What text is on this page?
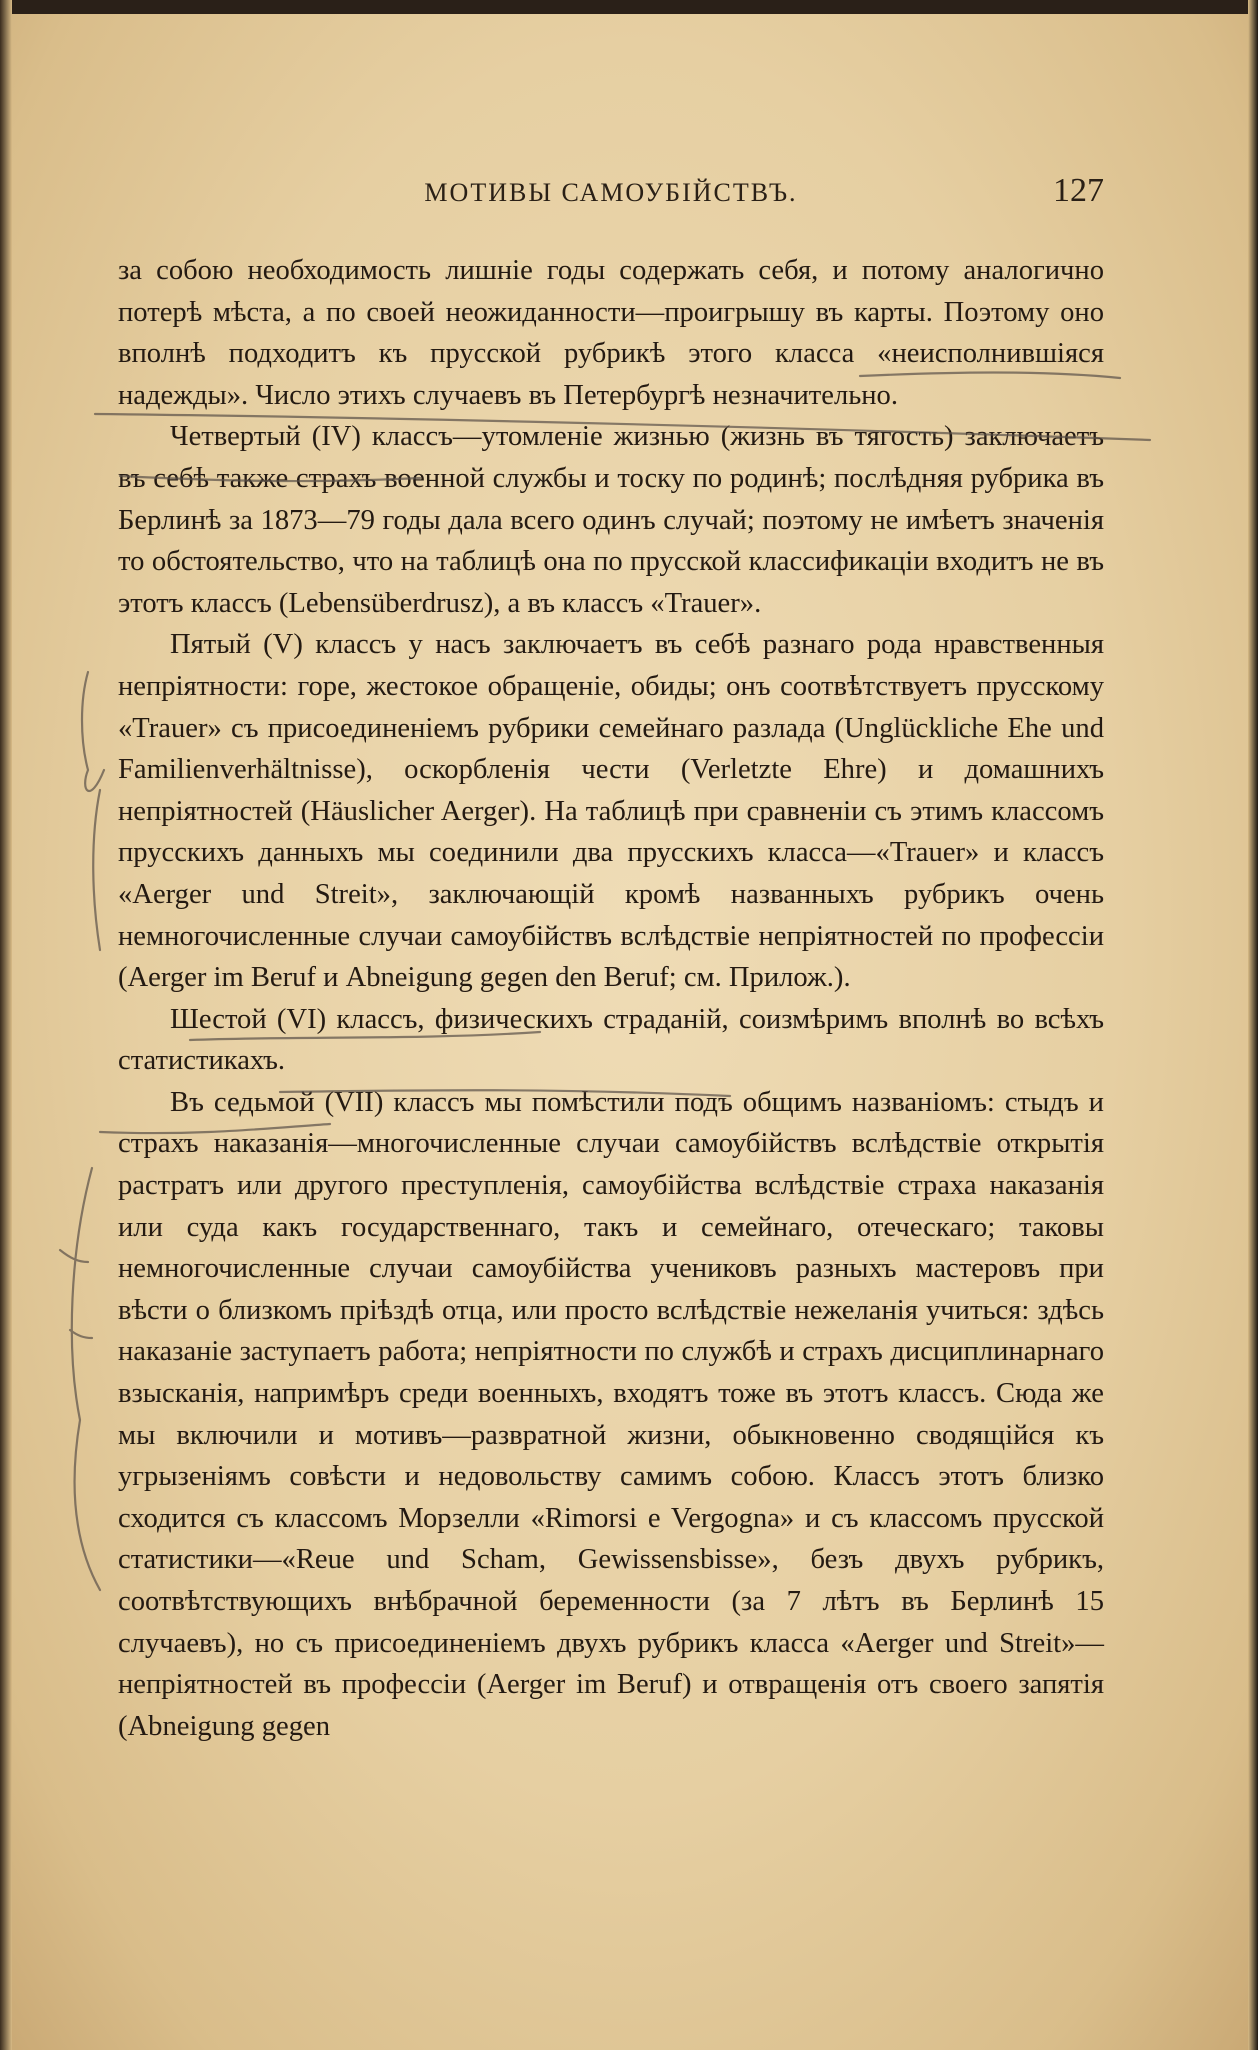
МОТИВЫ САМОУБІЙСТВЪ.	127

за собою необходимость лишніе годы содержать себя, и потому аналогично потерѣ мѣста, а по своей неожиданности—проигрышу въ карты. Поэтому оно вполнѣ подходитъ къ прусской рубрикѣ этого класса «неисполнившіяся надежды». Число этихъ случаевъ въ Петербургѣ незначительно.

Четвертый (IV) классъ—утомленіе жизнью (жизнь въ тягость) заключаетъ въ себѣ также страхъ военной службы и тоску по родинѣ; послѣдняя рубрика въ Берлинѣ за 1873—79 годы дала всего одинъ случай; поэтому не имѣетъ значенія то обстоятельство, что на таблицѣ она по прусской классификаціи входитъ не въ этотъ классъ (Lebensüberdrusz), а въ классъ «Trauer».

Пятый (V) классъ у насъ заключаетъ въ себѣ разнаго рода нравственныя непріятности: горе, жестокое обращеніе, обиды; онъ соотвѣтствуетъ прусскому «Trauer» съ присоединеніемъ рубрики семейнаго разлада (Unglückliche Ehe und Familienverhältnisse), оскорбленія чести (Verletzte Ehre) и домашнихъ непріятностей (Häuslicher Aerger). На таблицѣ при сравненіи съ этимъ классомъ прусскихъ данныхъ мы соединили два прусскихъ класса—«Trauer» и классъ «Aerger und Streit», заключающій кромѣ названныхъ рубрикъ очень немногочисленные случаи самоубійствъ вслѣдствіе непріятностей по профессіи (Aerger im Beruf и Abneigung gegen den Beruf; см. Прилож.).

Шестой (VI) классъ, физическихъ страданій, соизмѣримъ вполнѣ во всѣхъ статистикахъ.

Въ седьмой (VII) классъ мы помѣстили подъ общимъ названіомъ: стыдъ и страхъ наказанія—многочисленные случаи самоубійствъ вслѣдствіе открытія растратъ или другого преступленія, самоубійства вслѣдствіе страха наказанія или суда какъ государственнаго, такъ и семейнаго, отеческаго; таковы немногочисленные случаи самоубійства учениковъ разныхъ мастеровъ при вѣсти о близкомъ пріѣздѣ отца, или просто вслѣдствіе нежеланія учиться: здѣсь наказаніе заступаетъ работа; непріятности по службѣ и страхъ дисциплинарнаго взысканія, напримѣръ среди военныхъ, входятъ тоже въ этотъ классъ. Сюда же мы включили и мотивъ—развратной жизни, обыкновенно сводящійся къ угрызеніямъ совѣсти и недовольству самимъ собою. Классъ этотъ близко сходится съ классомъ Морзелли «Rimorsi e Vergogna» и съ классомъ прусской статистики—«Reue und Scham, Gewissensbisse», безъ двухъ рубрикъ, соотвѣтствующихъ внѣбрачной беременности (за 7 лѣтъ въ Берлинѣ 15 случаевъ), но съ присоединеніемъ двухъ рубрикъ класса «Aerger und Streit»—непріятностей въ профессіи (Aerger im Beruf) и отвращенія отъ своего запятія (Abneigung gegen
